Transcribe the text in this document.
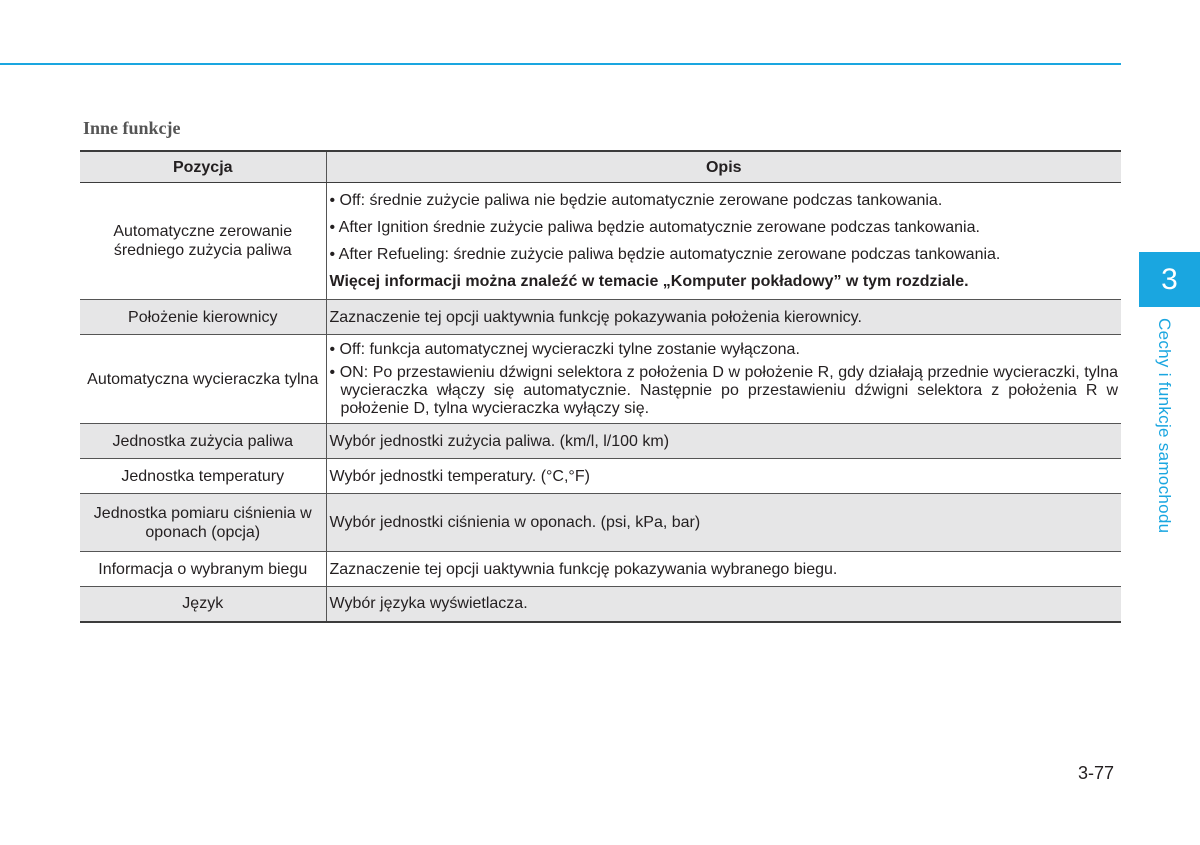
Inne funkcje
Pozycja	Opis
Automatyczne zerowanie średniego zużycia paliwa	• Off: średnie zużycie paliwa nie będzie automatycznie zerowane podczas tankowania.
• After Ignition średnie zużycie paliwa będzie automatycznie zerowane podczas tankowania.
• After Refueling: średnie zużycie paliwa będzie automatycznie zerowane podczas tankowania.
Więcej informacji można znaleźć w temacie „Komputer pokładowy” w tym rozdziale.

Położenie kierownicy	Zaznaczenie tej opcji uaktywnia funkcję pokazywania położenia kierownicy.
Automatyczna wycieraczka tylna	• Off: funkcja automatycznej wycieraczki tylne zostanie wyłączona.
• ON: Po przestawieniu dźwigni selektora z położenia D w położenie R, gdy działają przednie wycieraczki, tylna wycieraczka włączy się automatycznie. Następnie po przestawieniu dźwigni selektora z położenia R w położenie D, tylna wycieraczka wyłączy się.

Jednostka zużycia paliwa	Wybór jednostki zużycia paliwa. (km/l, l/100 km)
Jednostka temperatury	Wybór jednostki temperatury. (°C,°F)
Jednostka pomiaru ciśnienia w oponach (opcja)	Wybór jednostki ciśnienia w oponach. (psi, kPa, bar)
Informacja o wybranym biegu	Zaznaczenie tej opcji uaktywnia funkcję pokazywania wybranego biegu.
Język	Wybór języka wyświetlacza.
3
Cechy i funkcje samochodu
3-77
